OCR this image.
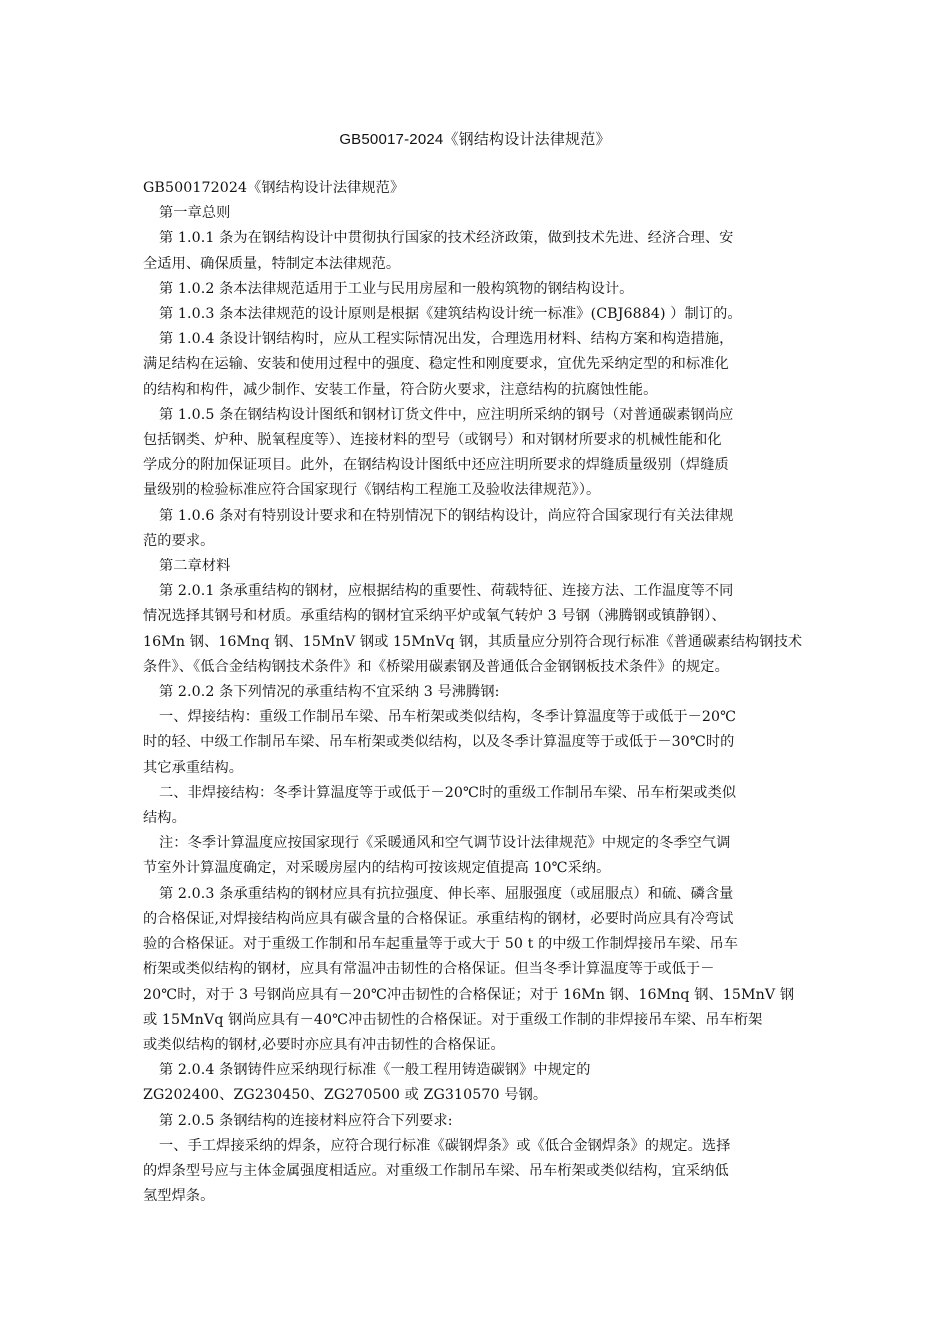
GB50017-2024《钢结构设计法律规范》
GB500172024《钢结构设计法律规范》
第一章总则
第 1.0.1 条为在钢结构设计中贯彻执行国家的技术经济政策，做到技术先进、经济合理、安
全适用、确保质量，特制定本法律规范。
第 1.0.2 条本法律规范适用于工业与民用房屋和一般构筑物的钢结构设计。
第 1.0.3 条本法律规范的设计原则是根据《建筑结构设计统一标准》(CBJ6884) ）制订的。
第 1.0.4 条设计钢结构时，应从工程实际情况出发，合理选用材料、结构方案和构造措施，
满足结构在运输、安装和使用过程中的强度、稳定性和刚度要求，宜优先采纳定型的和标准化
的结构和构件，减少制作、安装工作量，符合防火要求，注意结构的抗腐蚀性能。
第 1.0.5 条在钢结构设计图纸和钢材订货文件中，应注明所采纳的钢号（对普通碳素钢尚应
包括钢类、炉种、脱氧程度等）、连接材料的型号（或钢号）和对钢材所要求的机械性能和化
学成分的附加保证项目。此外，在钢结构设计图纸中还应注明所要求的焊缝质量级别（焊缝质
量级别的检验标准应符合国家现行《钢结构工程施工及验收法律规范》）。
第 1.0.6 条对有特别设计要求和在特别情况下的钢结构设计，尚应符合国家现行有关法律规
范的要求。
第二章材料
第 2.0.1 条承重结构的钢材，应根据结构的重要性、荷载特征、连接方法、工作温度等不同
情况选择其钢号和材质。承重结构的钢材宜采纳平炉或氧气转炉 3 号钢（沸腾钢或镇静钢）、
16Mn 钢、16Mnq 钢、15MnV 钢或 15MnVq 钢，其质量应分别符合现行标准《普通碳素结构钢技术
条件》、《低合金结构钢技术条件》和《桥梁用碳素钢及普通低合金钢钢板技术条件》的规定。
第 2.0.2 条下列情况的承重结构不宜采纳 3 号沸腾钢:
一、焊接结构：重级工作制吊车梁、吊车桁架或类似结构，冬季计算温度等于或低于－20℃
时的轻、中级工作制吊车梁、吊车桁架或类似结构，以及冬季计算温度等于或低于－30℃时的
其它承重结构。
二、非焊接结构：冬季计算温度等于或低于－20℃时的重级工作制吊车梁、吊车桁架或类似
结构。
注：冬季计算温度应按国家现行《采暖通风和空气调节设计法律规范》中规定的冬季空气调
节室外计算温度确定，对采暖房屋内的结构可按该规定值提高 10℃采纳。
第 2.0.3 条承重结构的钢材应具有抗拉强度、伸长率、屈服强度（或屈服点）和硫、磷含量
的合格保证,对焊接结构尚应具有碳含量的合格保证。承重结构的钢材，必要时尚应具有冷弯试
验的合格保证。对于重级工作制和吊车起重量等于或大于 50 t 的中级工作制焊接吊车梁、吊车
桁架或类似结构的钢材，应具有常温冲击韧性的合格保证。但当冬季计算温度等于或低于－
20℃时，对于 3 号钢尚应具有－20℃冲击韧性的合格保证；对于 16Mn 钢、16Mnq 钢、15MnV 钢
或 15MnVq 钢尚应具有－40℃冲击韧性的合格保证。对于重级工作制的非焊接吊车梁、吊车桁架
或类似结构的钢材,必要时亦应具有冲击韧性的合格保证。
第 2.0.4 条钢铸件应采纳现行标准《一般工程用铸造碳钢》中规定的
ZG202400、ZG230450、ZG270500 或 ZG310570 号钢。
第 2.0.5 条钢结构的连接材料应符合下列要求:
一、手工焊接采纳的焊条，应符合现行标准《碳钢焊条》或《低合金钢焊条》的规定。选择
的焊条型号应与主体金属强度相适应。对重级工作制吊车梁、吊车桁架或类似结构，宜采纳低
氢型焊条。
